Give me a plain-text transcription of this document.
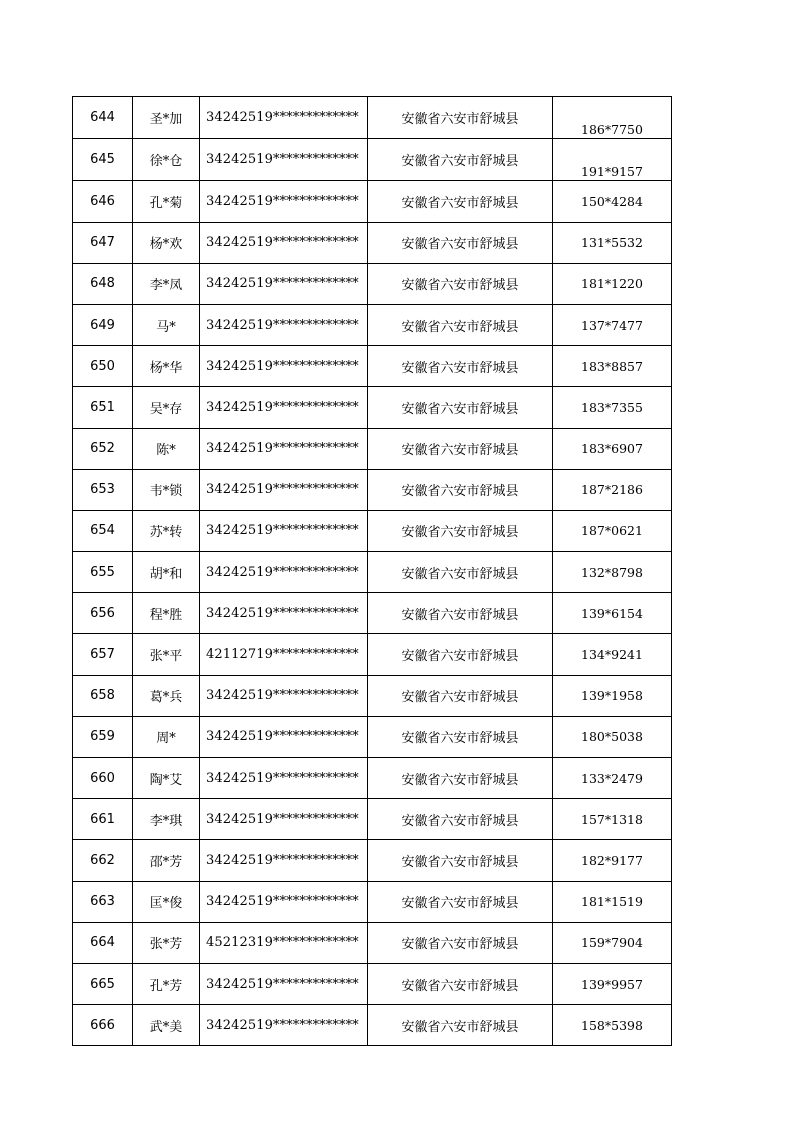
644	圣*加	34242519*************	安徽省六安市舒城县	186*7750
645	徐*仓	34242519*************	安徽省六安市舒城县	191*9157
646	孔*菊	34242519*************	安徽省六安市舒城县	150*4284
647	杨*欢	34242519*************	安徽省六安市舒城县	131*5532
648	李*凤	34242519*************	安徽省六安市舒城县	181*1220
649	马*	34242519*************	安徽省六安市舒城县	137*7477
650	杨*华	34242519*************	安徽省六安市舒城县	183*8857
651	吴*存	34242519*************	安徽省六安市舒城县	183*7355
652	陈*	34242519*************	安徽省六安市舒城县	183*6907
653	韦*锁	34242519*************	安徽省六安市舒城县	187*2186
654	苏*转	34242519*************	安徽省六安市舒城县	187*0621
655	胡*和	34242519*************	安徽省六安市舒城县	132*8798
656	程*胜	34242519*************	安徽省六安市舒城县	139*6154
657	张*平	42112719*************	安徽省六安市舒城县	134*9241
658	葛*兵	34242519*************	安徽省六安市舒城县	139*1958
659	周*	34242519*************	安徽省六安市舒城县	180*5038
660	陶*艾	34242519*************	安徽省六安市舒城县	133*2479
661	李*琪	34242519*************	安徽省六安市舒城县	157*1318
662	邵*芳	34242519*************	安徽省六安市舒城县	182*9177
663	匡*俊	34242519*************	安徽省六安市舒城县	181*1519
664	张*芳	45212319*************	安徽省六安市舒城县	159*7904
665	孔*芳	34242519*************	安徽省六安市舒城县	139*9957
666	武*美	34242519*************	安徽省六安市舒城县	158*5398
